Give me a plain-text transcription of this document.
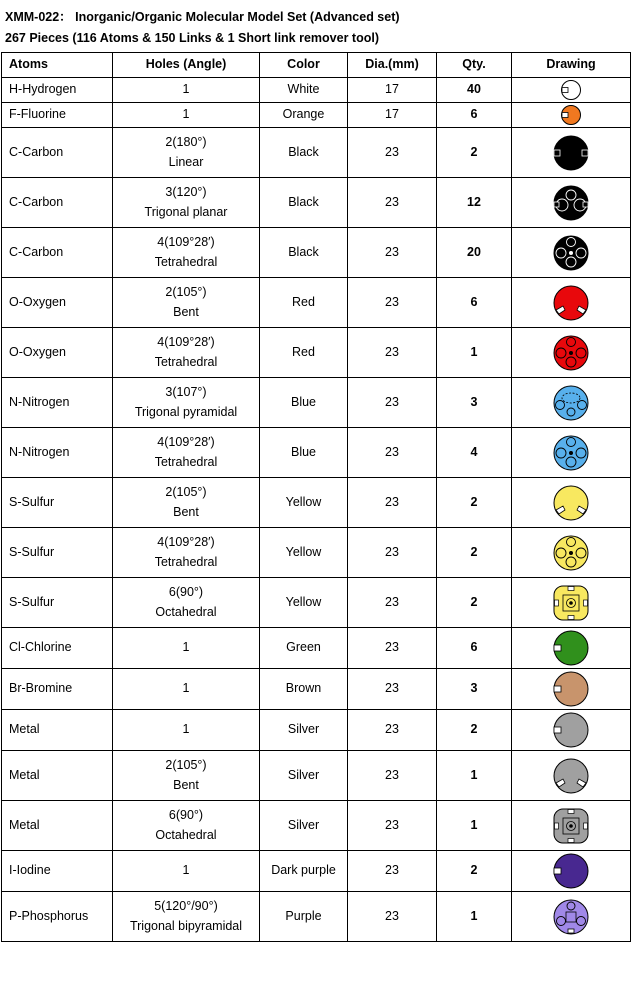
XMM-022： Inorganic/Organic Molecular Model Set (Advanced set)
267 Pieces (116 Atoms & 150 Links & 1 Short link remover tool)
Atoms	Holes (Angle)	Color	Dia.(mm)	Qty.	Drawing
H-Hydrogen	1	White	17	40	

F-Fluorine	1	Orange	17	6	

C-Carbon	2(180°)
Linear	Black	23	2	

C-Carbon	3(120°)
Trigonal planar	Black	23	12	

C-Carbon	4(109°28′)
Tetrahedral	Black	23	20	

O-Oxygen	2(105°)
Bent	Red	23	6	

O-Oxygen	4(109°28′)
Tetrahedral	Red	23	1	

N-Nitrogen	3(107°)
Trigonal pyramidal	Blue	23	3	

N-Nitrogen	4(109°28′)
Tetrahedral	Blue	23	4	

S-Sulfur	2(105°)
Bent	Yellow	23	2	

S-Sulfur	4(109°28′)
Tetrahedral	Yellow	23	2	

S-Sulfur	6(90°)
Octahedral	Yellow	23	2	

Cl-Chlorine	1	Green	23	6	

Br-Bromine	1	Brown	23	3	

Metal	1	Silver	23	2	

Metal	2(105°)
Bent	Silver	23	1	

Metal	6(90°)
Octahedral	Silver	23	1	

I-Iodine	1	Dark purple	23	2	

P-Phosphorus	5(120°/90°)
Trigonal bipyramidal	Purple	23	1	
